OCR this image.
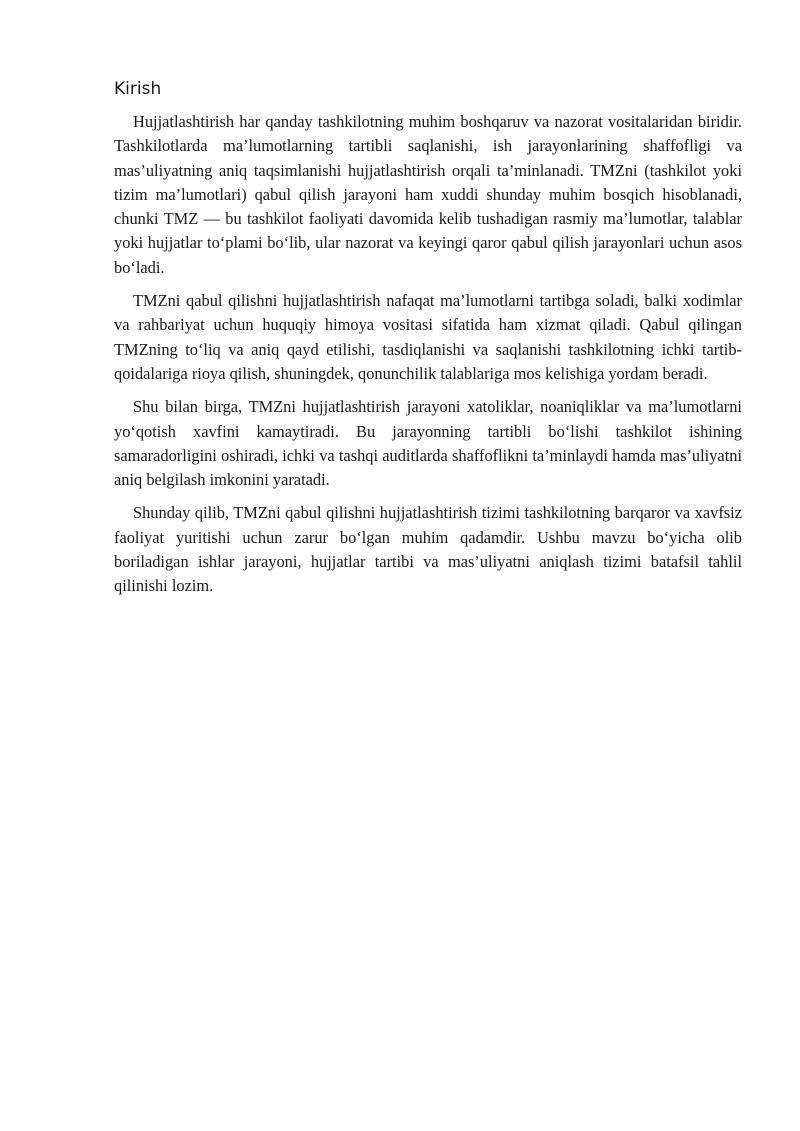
Kirish

Hujjatlashtirish har qanday tashkilotning muhim boshqaruv va nazorat vositalaridan biridir. Tashkilotlarda ma’lumotlarning tartibli saqlanishi, ish jarayonlarining shaffofligi va mas’uliyatning aniq taqsimlanishi hujjatlashtirish orqali ta’minlanadi. TMZni (tashkilot yoki tizim ma’lumotlari) qabul qilish jarayoni ham xuddi shunday muhim bosqich hisoblanadi, chunki TMZ — bu tashkilot faoliyati davomida kelib tushadigan rasmiy ma’lumotlar, talablar yoki hujjatlar to‘plami bo‘lib, ular nazorat va keyingi qaror qabul qilish jarayonlari uchun asos bo‘ladi.

TMZni qabul qilishni hujjatlashtirish nafaqat ma’lumotlarni tartibga soladi, balki xodimlar va rahbariyat uchun huquqiy himoya vositasi sifatida ham xizmat qiladi. Qabul qilingan TMZning to‘liq va aniq qayd etilishi, tasdiqlanishi va saqlanishi tashkilotning ichki tartib-qoidalariga rioya qilish, shuningdek, qonunchilik talablariga mos kelishiga yordam beradi.

Shu bilan birga, TMZni hujjatlashtirish jarayoni xatoliklar, noaniqliklar va ma’lumotlarni yo‘qotish xavfini kamaytiradi. Bu jarayonning tartibli bo‘lishi tashkilot ishining samaradorligini oshiradi, ichki va tashqi auditlarda shaffoflikni ta’minlaydi hamda mas’uliyatni aniq belgilash imkonini yaratadi.

Shunday qilib, TMZni qabul qilishni hujjatlashtirish tizimi tashkilotning barqaror va xavfsiz faoliyat yuritishi uchun zarur bo‘lgan muhim qadamdir. Ushbu mavzu bo‘yicha olib boriladigan ishlar jarayoni, hujjatlar tartibi va mas’uliyatni aniqlash tizimi batafsil tahlil qilinishi lozim.
